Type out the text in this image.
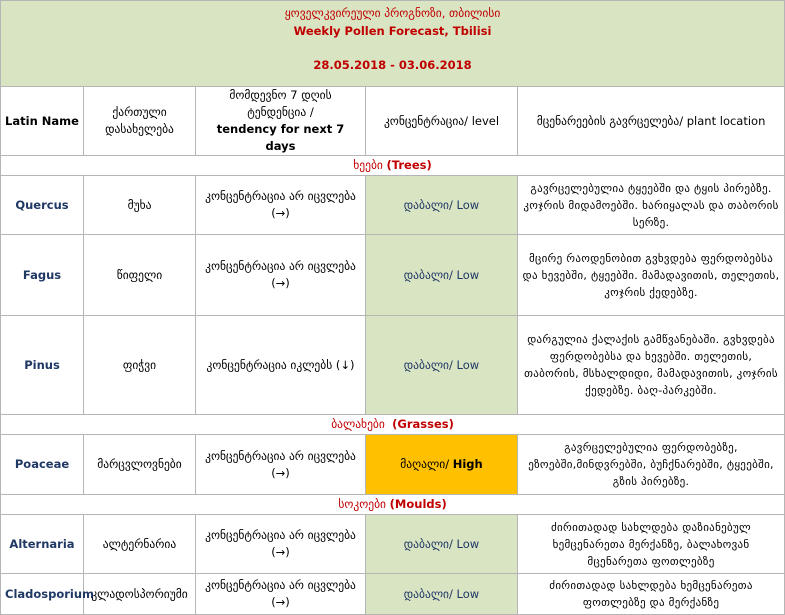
ყოველკვირეული პროგნოზი, თბილისი
Weekly Pollen Forecast, Tbilisi
28.05.2018 - 03.06.2018				

Latin Name	ქართული დასახელება	მომდევნო 7 დღის ტენდენცია /
tendency for next 7 days	კონცენტრაცია/ level	მცენარეების გავრცელება/ plant location
ხეები (Trees)				
Quercus	მუხა	კონცენტრაცია არ იცვლება (→)	დაბალი/ Low	გავრცელებულია ტყეებში და ტყის პირებზე. კოჯრის მიდამოებში. ხარიყალას და თაბორის სერზე.
Fagus	წიფელი	კონცენტრაცია არ იცვლება (→)	დაბალი/ Low	მცირე რაოდენობით გვხვდება ფერდობებსა და ხევებში, ტყეებში. მამადავითის, თელეთის, კოჯრის ქედებზე.
Pinus	ფიჭვი	კონცენტრაცია იკლებს (↓)	დაბალი/ Low	დარგულია ქალაქის გამწვანებაში. გვხვდება ფერდობებსა და ხევებში. თელეთის, თაბორის, მსხალდიდი, მამადავითის, კოჯრის ქედებზე. ბაღ-პარკებში.
ბალახები (Grasses)				
Poaceae	მარცვლოვნები	კონცენტრაცია არ იცვლება (→)	მაღალი/ High	გავრცელებულია ფერდობებზე, ეზოებში,მინდვრებში, ბუჩქნარებში, ტყეებში, გზის პირებზე.
სოკოები (Moulds)				
Alternaria	ალტერნარია	კონცენტრაცია არ იცვლება (→)	დაბალი/ Low	ძირითადად სახლდება დაზიანებულ ხემცენარეთა მერქანზე, ბალახოვან მცენარეთა ფოთლებზე
Cladosporium	კლადოსპორიუმი	კონცენტრაცია არ იცვლება (→)	დაბალი/ Low	ძირითადად სახლდება ხემცენარეთა ფოთლებზე და მერქანზე
